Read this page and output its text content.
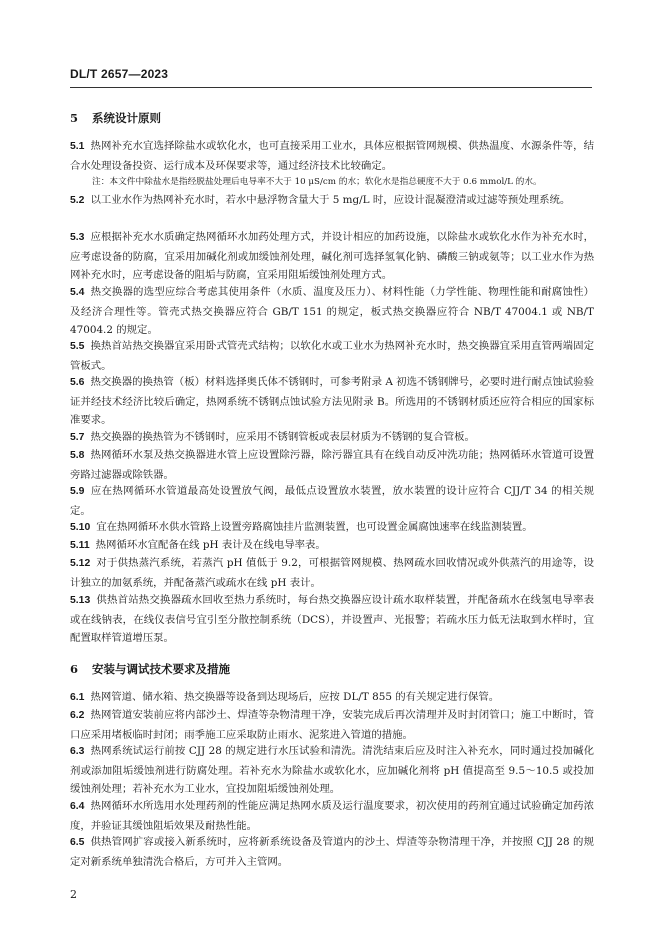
DL/T 2657—2023
5 系统设计原则
5.1 热网补充水宜选择除盐水或软化水，也可直接采用工业水，具体应根据管网规模、供热温度、水源条件等，结合水处理设备投资、运行成本及环保要求等，通过经济技术比较确定。
注：本文件中除盐水是指经脱盐处理后电导率不大于 10 μS/cm 的水；软化水是指总硬度不大于 0.6 mmol/L 的水。
5.2 以工业水作为热网补充水时，若水中悬浮物含量大于 5 mg/L 时，应设计混凝澄清或过滤等预处理系统。
5.3 应根据补充水水质确定热网循环水加药处理方式，并设计相应的加药设施，以除盐水或软化水作为补充水时，应考虑设备的防腐，宜采用加碱化剂或加缓蚀剂处理，碱化剂可选择氢氧化钠、磷酸三钠或氨等；以工业水作为热网补充水时，应考虑设备的阻垢与防腐，宜采用阻垢缓蚀剂处理方式。
5.4 热交换器的选型应综合考虑其使用条件（水质、温度及压力）、材料性能（力学性能、物理性能和耐腐蚀性）及经济合理性等。管壳式热交换器应符合 GB/T 151 的规定，板式热交换器应符合 NB/T 47004.1 或 NB/T 47004.2 的规定。
5.5 换热首站热交换器宜采用卧式管壳式结构；以软化水或工业水为热网补充水时，热交换器宜采用直管两端固定管板式。
5.6 热交换器的换热管（板）材料选择奥氏体不锈钢时，可参考附录 A 初选不锈钢牌号，必要时进行耐点蚀试验验证并经技术经济比较后确定，热网系统不锈钢点蚀试验方法见附录 B。所选用的不锈钢材质还应符合相应的国家标准要求。
5.7 热交换器的换热管为不锈钢时，应采用不锈钢管板或表层材质为不锈钢的复合管板。
5.8 热网循环水泵及热交换器进水管上应设置除污器，除污器宜具有在线自动反冲洗功能；热网循环水管道可设置旁路过滤器或除铁器。
5.9 应在热网循环水管道最高处设置放气阀，最低点设置放水装置，放水装置的设计应符合 CJJ/T 34 的相关规定。
5.10 宜在热网循环水供水管路上设置旁路腐蚀挂片监测装置，也可设置金属腐蚀速率在线监测装置。
5.11 热网循环水宜配备在线 pH 表计及在线电导率表。
5.12 对于供热蒸汽系统，若蒸汽 pH 值低于 9.2，可根据管网规模、热网疏水回收情况或外供蒸汽的用途等，设计独立的加氨系统，并配备蒸汽或疏水在线 pH 表计。
5.13 供热首站热交换器疏水回收至热力系统时，每台热交换器应设计疏水取样装置，并配备疏水在线氢电导率表或在线钠表，在线仪表信号宜引至分散控制系统（DCS），并设置声、光报警；若疏水压力低无法取到水样时，宜配置取样管道增压泵。
6 安装与调试技术要求及措施
6.1 热网管道、储水箱、热交换器等设备到达现场后，应按 DL/T 855 的有关规定进行保管。
6.2 热网管道安装前应将内部沙土、焊渣等杂物清理干净，安装完成后再次清理并及时封闭管口；施工中断时，管口应采用堵板临时封闭；雨季施工应采取防止雨水、泥浆进入管道的措施。
6.3 热网系统试运行前按 CJJ 28 的规定进行水压试验和清洗。清洗结束后应及时注入补充水，同时通过投加碱化剂或添加阻垢缓蚀剂进行防腐处理。若补充水为除盐水或软化水，应加碱化剂将 pH 值提高至 9.5～10.5 或投加缓蚀剂处理；若补充水为工业水，宜投加阻垢缓蚀剂处理。
6.4 热网循环水所选用水处理药剂的性能应满足热网水质及运行温度要求，初次使用的药剂宜通过试验确定加药浓度，并验证其缓蚀阻垢效果及耐热性能。
6.5 供热管网扩容或接入新系统时，应将新系统设备及管道内的沙土、焊渣等杂物清理干净，并按照 CJJ 28 的规定对新系统单独清洗合格后，方可并入主管网。
2
